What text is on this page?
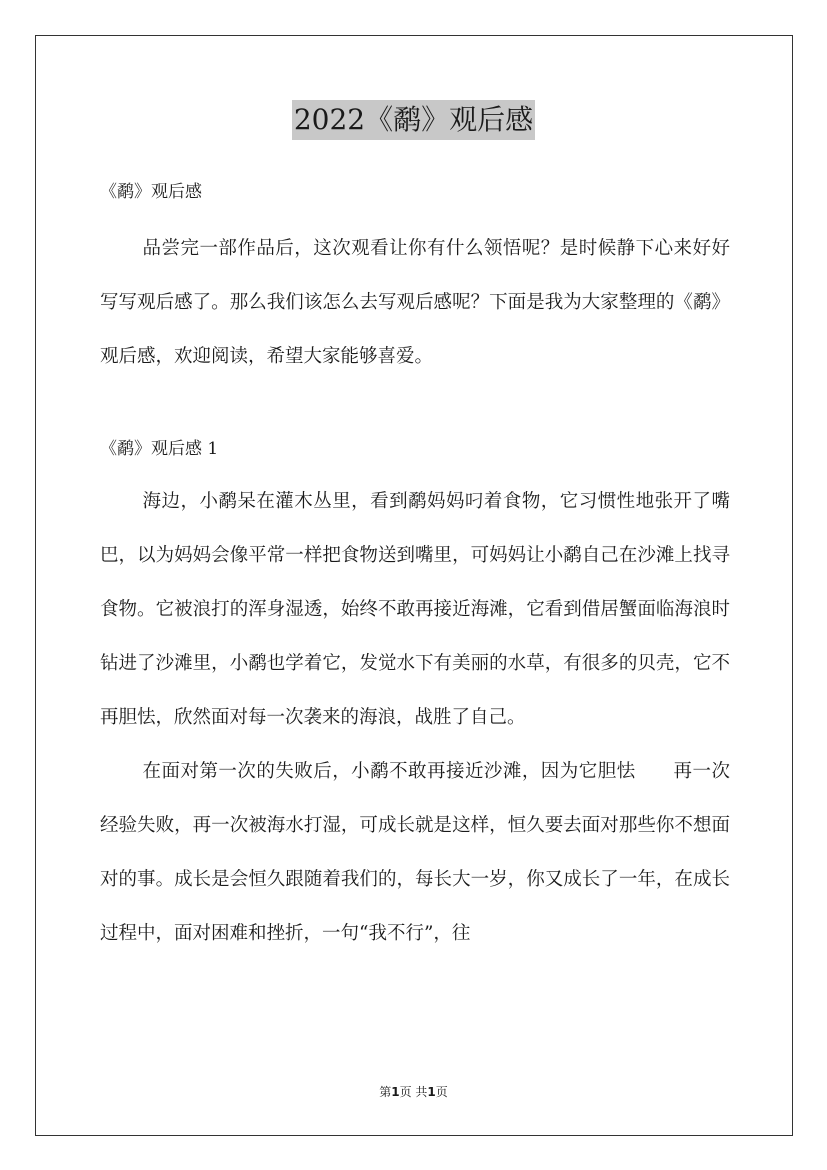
2022《鹬》观后感

《鹬》观后感

品尝完一部作品后，这次观看让你有什么领悟呢？是时候静下心来好好写写观后感了。那么我们该怎么去写观后感呢？下面是我为大家整理的《鹬》观后感，欢迎阅读，希望大家能够喜爱。

《鹬》观后感 1

海边，小鹬呆在灌木丛里，看到鹬妈妈叼着食物，它习惯性地张开了嘴巴，以为妈妈会像平常一样把食物送到嘴里，可妈妈让小鹬自己在沙滩上找寻食物。它被浪打的浑身湿透，始终不敢再接近海滩，它看到借居蟹面临海浪时钻进了沙滩里，小鹬也学着它，发觉水下有美丽的水草，有很多的贝壳，它不再胆怯，欣然面对每一次袭来的海浪，战胜了自己。

在面对第一次的失败后，小鹬不敢再接近沙滩，因为它胆怯　　再一次经验失败，再一次被海水打湿，可成长就是这样，恒久要去面对那些你不想面对的事。成长是会恒久跟随着我们的，每长大一岁，你又成长了一年，在成长过程中，面对困难和挫折，一句“我不行”，往

第1页 共1页
